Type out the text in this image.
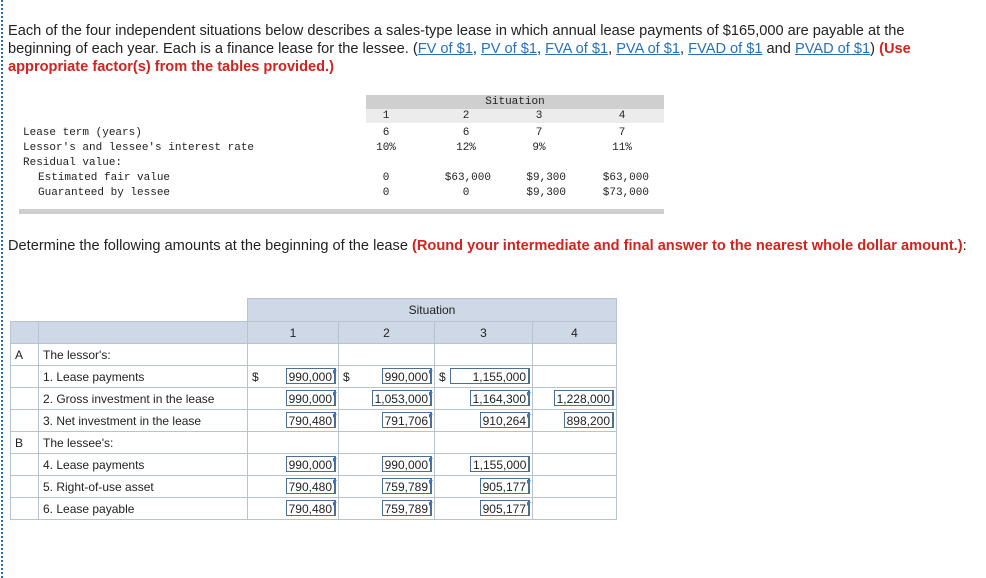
Each of the four independent situations below describes a sales-type lease in which annual lease payments of $165,000 are payable at the beginning of each year. Each is a finance lease for the lessee. (FV of $1, PV of $1, FVA of $1, PVA of $1, FVAD of $1 and PVAD of $1) (Use appropriate factor(s) from the tables provided.)
Situation
1	2	3	4
Lease term (years)	6	6	7	7
Lessor's and lessee's interest rate	10%	12%	9%	11%
Residual value:
Estimated fair value	0	$63,000	$9,300	$63,000
Guaranteed by lessee	0	0	$9,300	$73,000
Determine the following amounts at the beginning of the lease (Round your intermediate and final answer to the nearest whole dollar amount.):
		Situation			
		1	2	3	4
A	The lessor's:				
	1. Lease payments	$ 990,000	$ 990,000	$ 1,155,000	

	2. Gross investment in the lease	990,000	1,053,000	1,164,300	1,228,000

	3. Net investment in the lease	790,480	791,706	910,264	898,200

B	The lessee's:				
	4. Lease payments	990,000	990,000	1,155,000	

	5. Right-of-use asset	790,480	759,789	905,177	

	6. Lease payable	790,480	759,789	905,177	
